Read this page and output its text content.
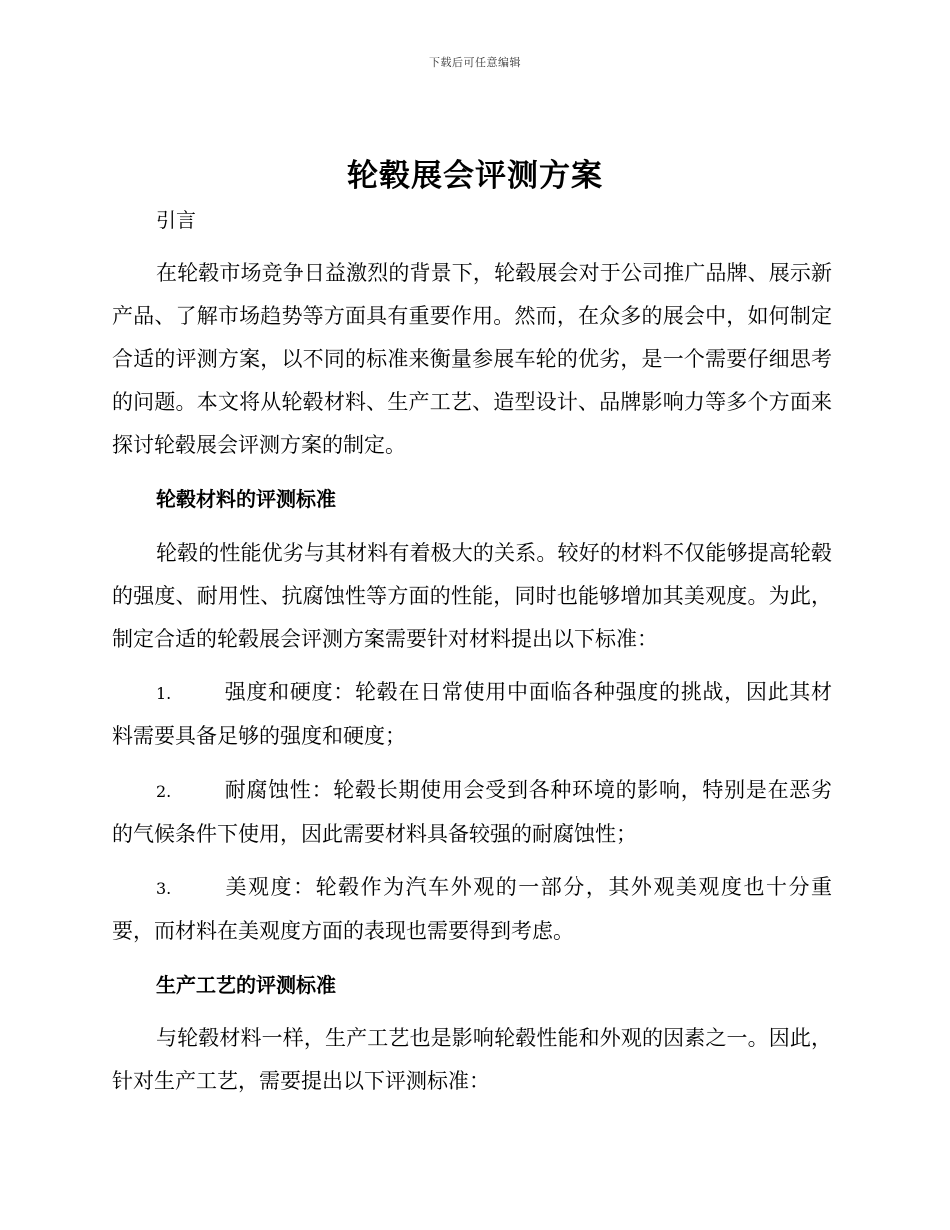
下载后可任意编辑
轮毂展会评测方案
引言

在轮毂市场竞争日益激烈的背景下，轮毂展会对于公司推广品牌、展示新产品、了解市场趋势等方面具有重要作用。然而，在众多的展会中，如何制定合适的评测方案，以不同的标准来衡量参展车轮的优劣，是一个需要仔细思考的问题。本文将从轮毂材料、生产工艺、造型设计、品牌影响力等多个方面来探讨轮毂展会评测方案的制定。

轮毂材料的评测标准

轮毂的性能优劣与其材料有着极大的关系。较好的材料不仅能够提高轮毂的强度、耐用性、抗腐蚀性等方面的性能，同时也能够增加其美观度。为此，制定合适的轮毂展会评测方案需要针对材料提出以下标准：

1.	强度和硬度：轮毂在日常使用中面临各种强度的挑战，因此其材料需要具备足够的强度和硬度；

2.	耐腐蚀性：轮毂长期使用会受到各种环境的影响，特别是在恶劣的气候条件下使用，因此需要材料具备较强的耐腐蚀性；

3.	美观度：轮毂作为汽车外观的一部分，其外观美观度也十分重要，而材料在美观度方面的表现也需要得到考虑。

生产工艺的评测标准

与轮毂材料一样，生产工艺也是影响轮毂性能和外观的因素之一。因此，针对生产工艺，需要提出以下评测标准：
